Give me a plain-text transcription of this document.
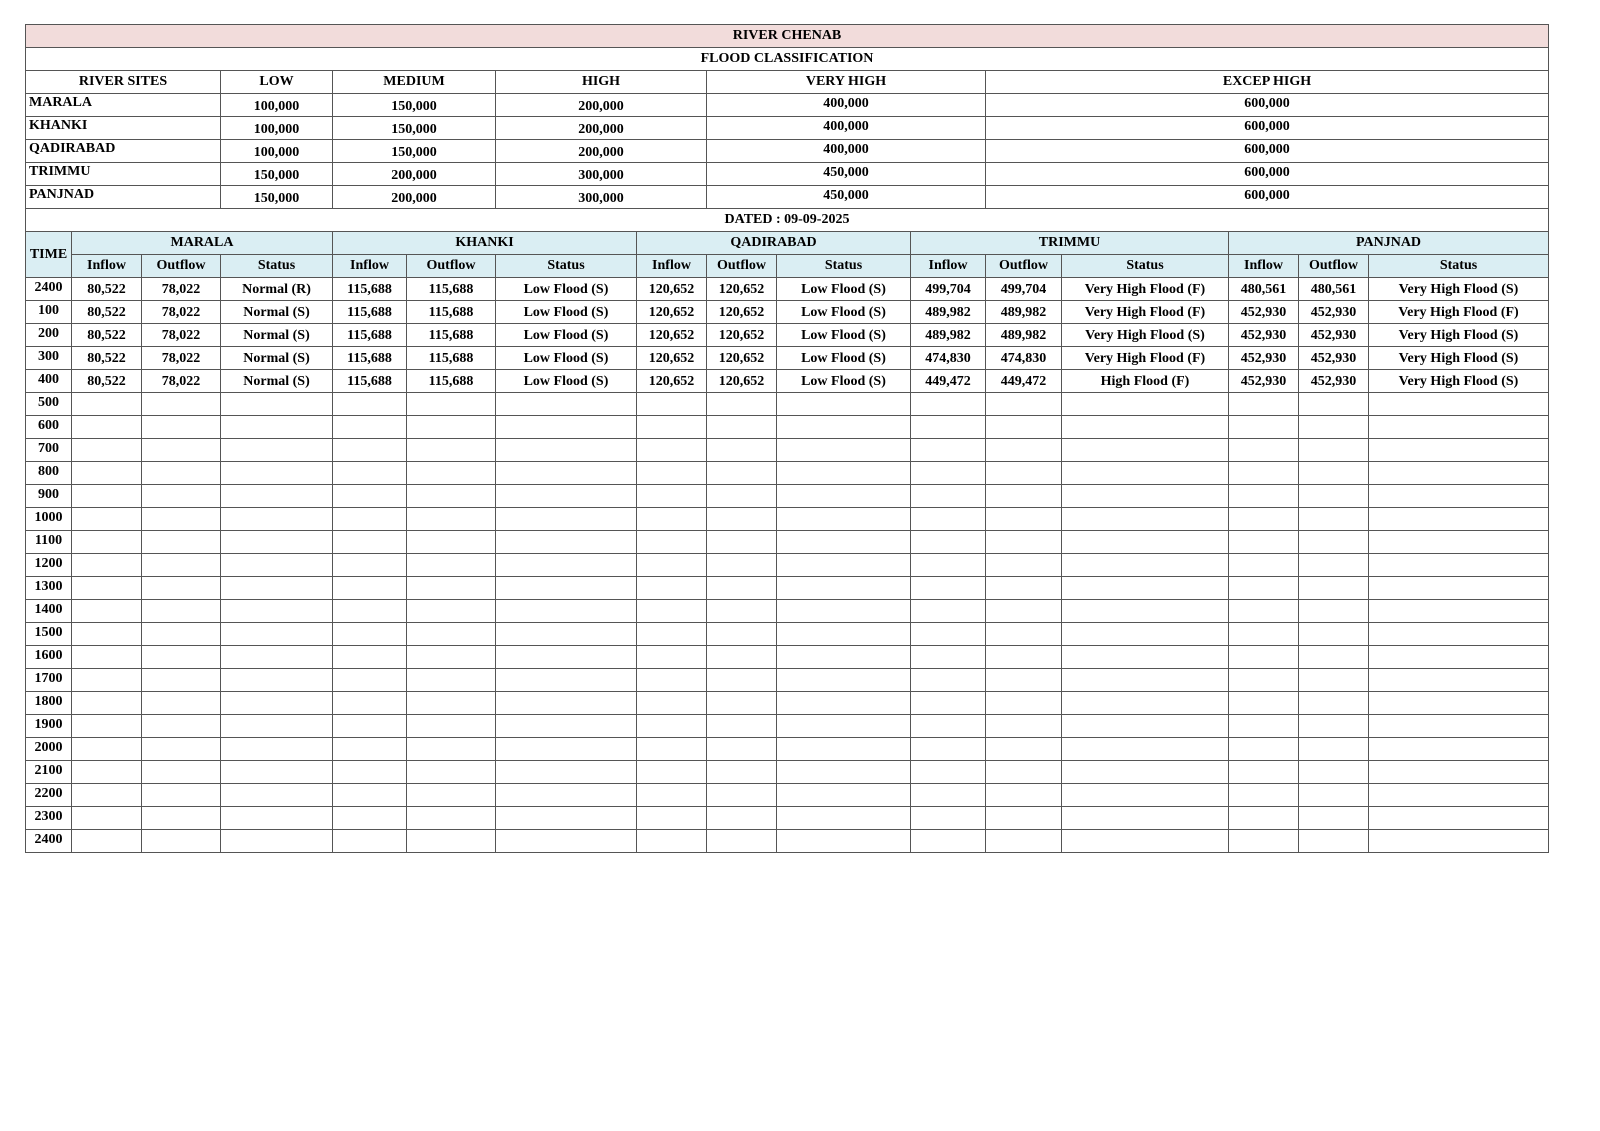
RIVER CHENAB															
FLOOD CLASSIFICATION															
RIVER SITES			LOW	MEDIUM		HIGH		VERY HIGH			EXCEP HIGH				
MARALA			100,000	150,000		200,000		400,000			600,000				
KHANKI			100,000	150,000		200,000		400,000			600,000				
QADIRABAD			100,000	150,000		200,000		400,000			600,000				
TRIMMU			150,000	200,000		300,000		450,000			600,000				
PANJNAD			150,000	200,000		300,000		450,000			600,000				
DATED : 09-09-2025															
TIME	MARALA			KHANKI			QADIRABAD			TRIMMU			PANJNAD		
	Inflow	Outflow	Status	Inflow	Outflow	Status	Inflow	Outflow	Status	Inflow	Outflow	Status	Inflow	Outflow	Status
2400	80,522	78,022	Normal (R)	115,688	115,688	Low Flood (S)	120,652	120,652	Low Flood (S)	499,704	499,704	Very High Flood (F)	480,561	480,561	Very High Flood (S)
100	80,522	78,022	Normal (S)	115,688	115,688	Low Flood (S)	120,652	120,652	Low Flood (S)	489,982	489,982	Very High Flood (F)	452,930	452,930	Very High Flood (F)
200	80,522	78,022	Normal (S)	115,688	115,688	Low Flood (S)	120,652	120,652	Low Flood (S)	489,982	489,982	Very High Flood (S)	452,930	452,930	Very High Flood (S)
300	80,522	78,022	Normal (S)	115,688	115,688	Low Flood (S)	120,652	120,652	Low Flood (S)	474,830	474,830	Very High Flood (F)	452,930	452,930	Very High Flood (S)
400	80,522	78,022	Normal (S)	115,688	115,688	Low Flood (S)	120,652	120,652	Low Flood (S)	449,472	449,472	High Flood (F)	452,930	452,930	Very High Flood (S)
500															
600															
700															
800															
900															
1000															
1100															
1200															
1300															
1400															
1500															
1600															
1700															
1800															
1900															
2000															
2100															
2200															
2300															
2400															
